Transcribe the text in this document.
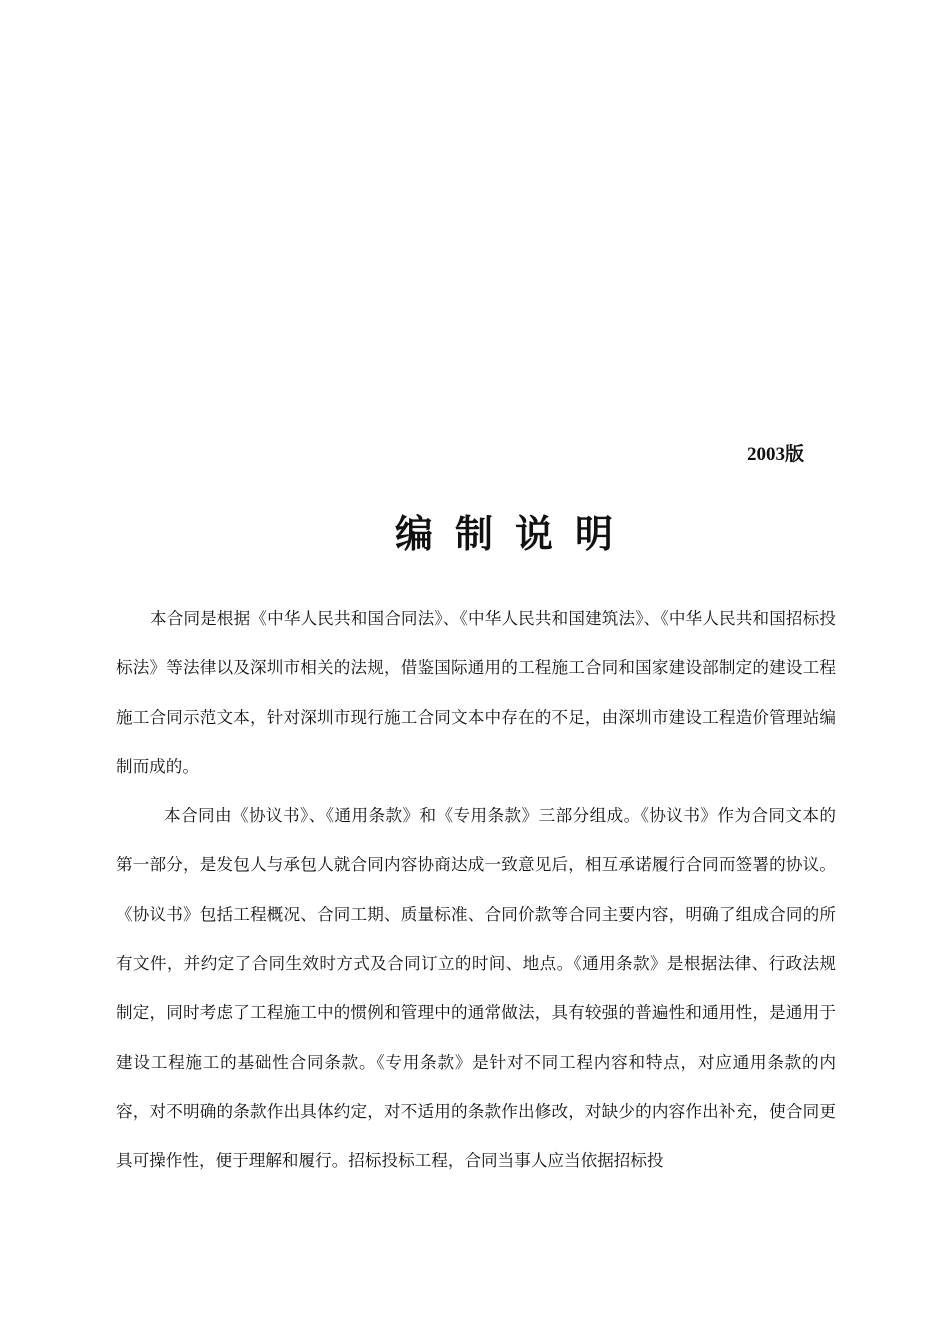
2003版

编制说明

本合同是根据《中华人民共和国合同法》、《中华人民共和国建筑法》、《中华人民共和国招标投标法》等法律以及深圳市相关的法规，借鉴国际通用的工程施工合同和国家建设部制定的建设工程施工合同示范文本，针对深圳市现行施工合同文本中存在的不足，由深圳市建设工程造价管理站编制而成的。

本合同由《协议书》、《通用条款》和《专用条款》三部分组成。《协议书》作为合同文本的第一部分，是发包人与承包人就合同内容协商达成一致意见后，相互承诺履行合同而签署的协议。《协议书》包括工程概况、合同工期、质量标准、合同价款等合同主要内容，明确了组成合同的所有文件，并约定了合同生效时方式及合同订立的时间、地点。《通用条款》是根据法律、行政法规制定，同时考虑了工程施工中的惯例和管理中的通常做法，具有较强的普遍性和通用性，是通用于建设工程施工的基础性合同条款。《专用条款》是针对不同工程内容和特点，对应通用条款的内容，对不明确的条款作出具体约定，对不适用的条款作出修改，对缺少的内容作出补充，使合同更具可操作性，便于理解和履行。招标投标工程，合同当事人应当依据招标投
